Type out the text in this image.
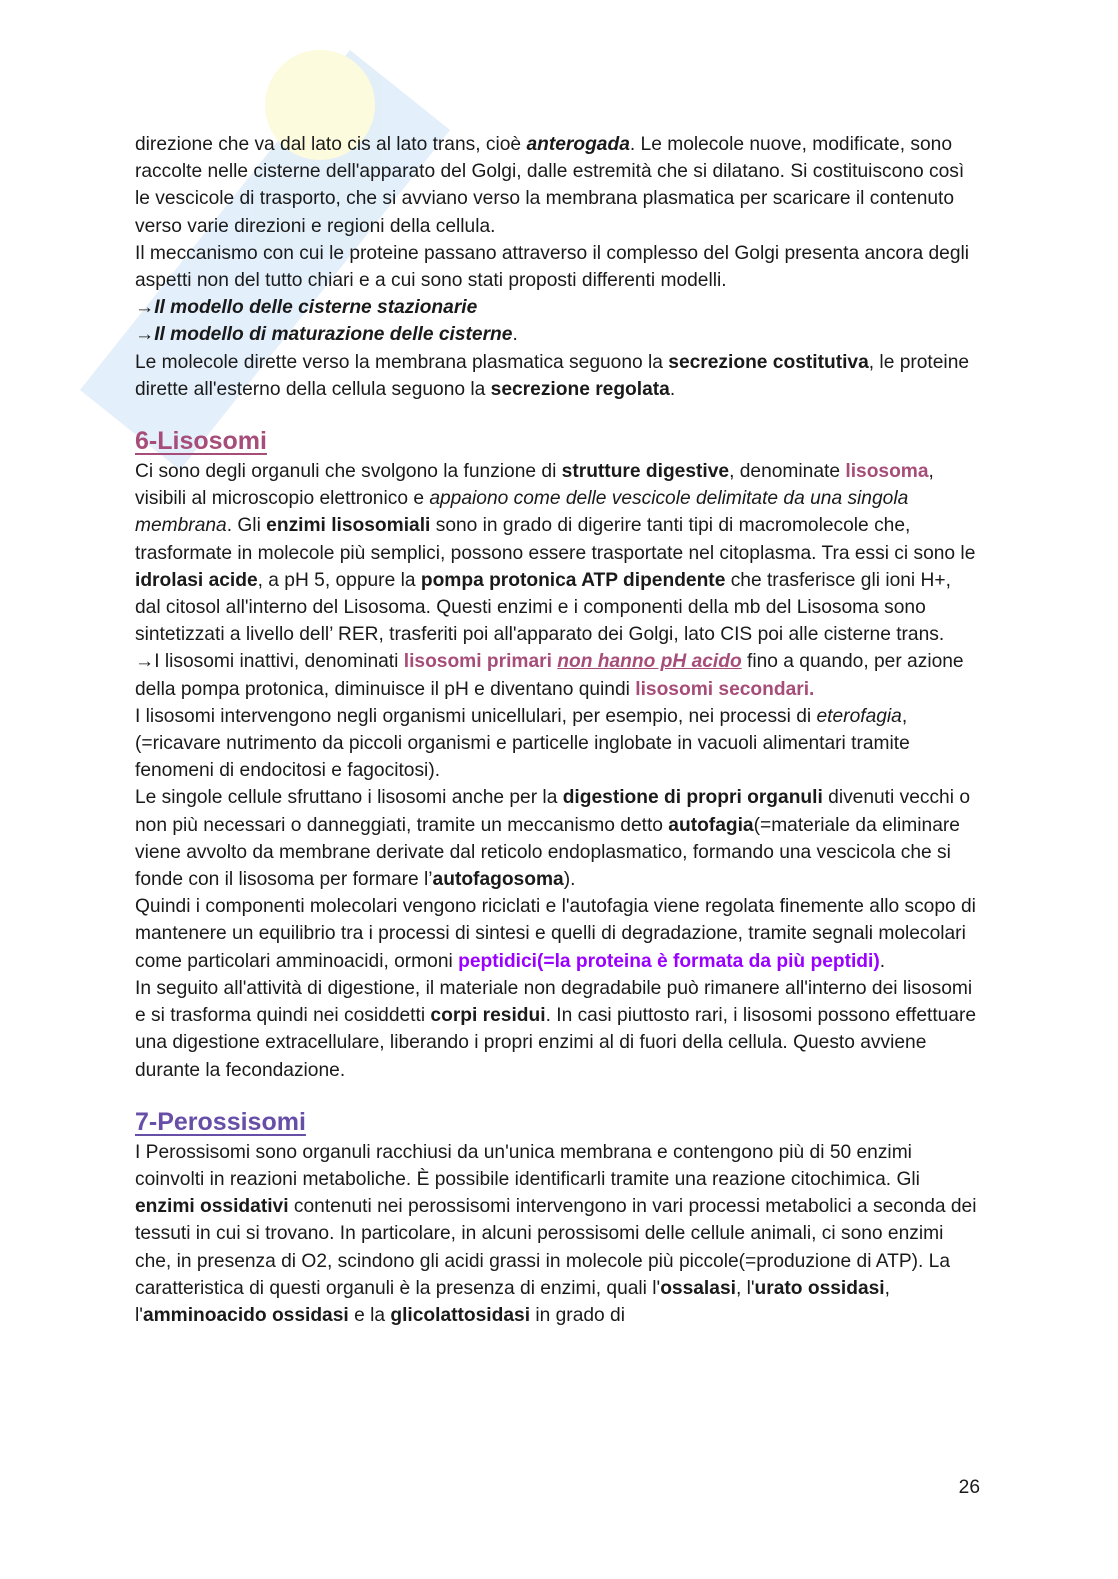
direzione che va dal lato cis al lato trans, cioè anterogada. Le molecole nuove, modificate, sono raccolte nelle cisterne dell'apparato del Golgi, dalle estremità che si dilatano. Si costituiscono così le vescicole di trasporto, che si avviano verso la membrana plasmatica per scaricare il contenuto verso varie direzioni e regioni della cellula.

Il meccanismo con cui le proteine passano attraverso il complesso del Golgi presenta ancora degli aspetti non del tutto chiari e a cui sono stati proposti differenti modelli.

→Il modello delle cisterne stazionarie

→Il modello di maturazione delle cisterne.

Le molecole dirette verso la membrana plasmatica seguono la secrezione costitutiva, le proteine dirette all'esterno della cellula seguono la secrezione regolata.

6-Lisosomi

Ci sono degli organuli che svolgono la funzione di strutture digestive, denominate lisosoma, visibili al microscopio elettronico e appaiono come delle vescicole delimitate da una singola membrana. Gli enzimi lisosomiali sono in grado di digerire tanti tipi di macromolecole che, trasformate in molecole più semplici, possono essere trasportate nel citoplasma. Tra essi ci sono le idrolasi acide, a pH 5, oppure la pompa protonica ATP dipendente che trasferisce gli ioni H+, dal citosol all'interno del Lisosoma. Questi enzimi e i componenti della mb del Lisosoma sono sintetizzati a livello dell’ RER, trasferiti poi all'apparato dei Golgi, lato CIS poi alle cisterne trans.

→I lisosomi inattivi, denominati lisosomi primari non hanno pH acido fino a quando, per azione della pompa protonica, diminuisce il pH e diventano quindi lisosomi secondari.

I lisosomi intervengono negli organismi unicellulari, per esempio, nei processi di eterofagia, (=ricavare nutrimento da piccoli organismi e particelle inglobate in vacuoli alimentari tramite fenomeni di endocitosi e fagocitosi).

Le singole cellule sfruttano i lisosomi anche per la digestione di propri organuli divenuti vecchi o non più necessari o danneggiati, tramite un meccanismo detto autofagia(=materiale da eliminare viene avvolto da membrane derivate dal reticolo endoplasmatico, formando una vescicola che si fonde con il lisosoma per formare l’autofagosoma).

Quindi i componenti molecolari vengono riciclati e l'autofagia viene regolata finemente allo scopo di mantenere un equilibrio tra i processi di sintesi e quelli di degradazione, tramite segnali molecolari come particolari amminoacidi, ormoni peptidici(=la proteina è formata da più peptidi).

In seguito all'attività di digestione, il materiale non degradabile può rimanere all'interno dei lisosomi e si trasforma quindi nei cosiddetti corpi residui. In casi piuttosto rari, i lisosomi possono effettuare una digestione extracellulare, liberando i propri enzimi al di fuori della cellula. Questo avviene durante la fecondazione.

7-Perossisomi

I Perossisomi sono organuli racchiusi da un'unica membrana e contengono più di 50 enzimi coinvolti in reazioni metaboliche. È possibile identificarli tramite una reazione citochimica. Gli enzimi ossidativi contenuti nei perossisomi intervengono in vari processi metabolici a seconda dei tessuti in cui si trovano. In particolare, in alcuni perossisomi delle cellule animali, ci sono enzimi che, in presenza di O2, scindono gli acidi grassi in molecole più piccole(=produzione di ATP). La caratteristica di questi organuli è la presenza di enzimi, quali l'ossalasi, l'urato ossidasi, l'amminoacido ossidasi e la glicolattosidasi in grado di

26
